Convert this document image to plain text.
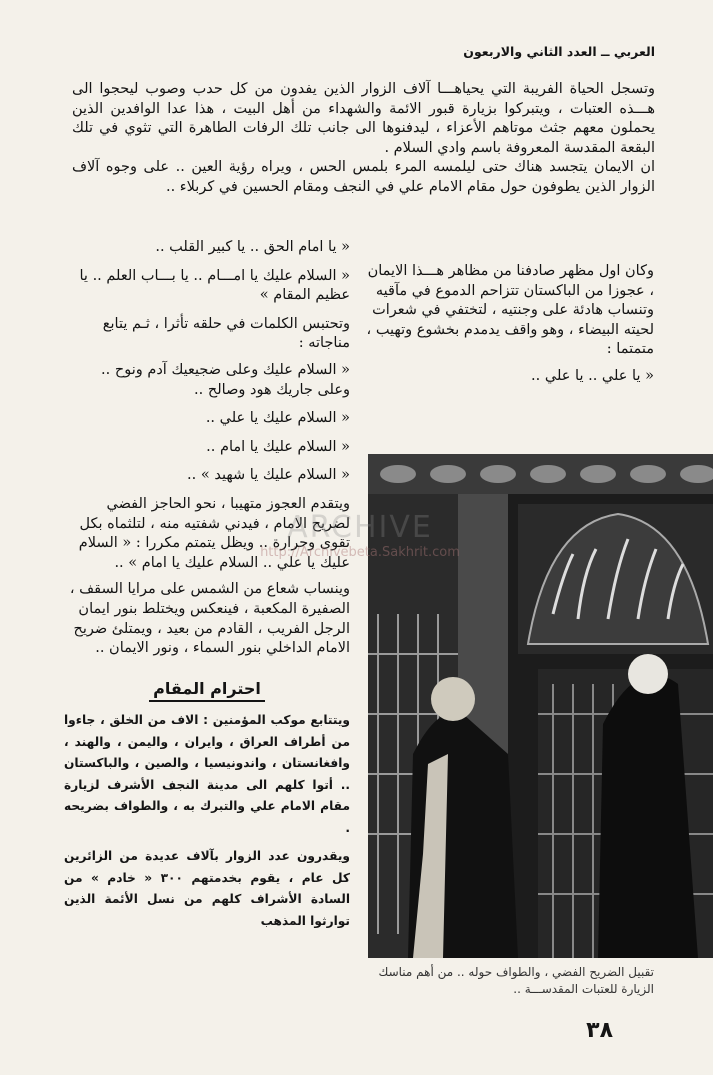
العربي ــ العدد الثاني والاربعون

وتسجل الحياة الفريبة التي يحياهـــا آلاف الزوار الذين يفدون من كل حدب وصوب ليحجوا الى هـــذه العتبات ، ويتبركوا بزيارة قبور الائمة والشهداء من أهل البيت ، هذا عدا الوافدين الذين يحملون معهم جثث موتاهم الأعزاء ، ليدفنوها الى جانب تلك الرفات الطاهرة التي تثوي في تلك البقعة المقدسة المعروفة باسم وادي السلام .

ان الايمان يتجسد هناك حتى ليلمسه المرء بلمس الحس ، ويراه رؤية العين .. على وجوه آلاف الزوار الذين يطوفون حول مقام الامام علي في النجف ومقام الحسين في كربلاء ..

وكان اول مظهر صادفنا من مظاهر هـــذا الايمان ، عجوزا من الباكستان تتزاحم الدموع في مآقيه وتنساب هادئة على وجنتيه ، لتختفي في شعرات لحيته البيضاء ، وهو واقف يدمدم بخشوع وتهيب ، متمتما :

« يا علي .. يا علي ..

« يا امام الحق .. يا كبير القلب ..

« السلام عليك يا امـــام .. يا بـــاب العلم .. يا عظيم المقام »

وتحتبس الكلمات في حلقه تأثرا ، ثـم يتابع مناجاته :

« السلام عليك وعلى ضجيعيك آدم ونوح .. وعلى جاريك هود وصالح ..

« السلام عليك يا علي ..

« السلام عليك يا امام ..

« السلام عليك يا شهيد » ..

ويتقدم العجوز متهيبا ، نحو الحاجز الفضي لضريح الامام ، فيدني شفتيه منه ، لتلثماه بكل تقوى وحرارة .. ويظل يتمتم مكررا : « السلام عليك يا علي .. السلام عليك يا امام » ..

وينساب شعاع من الشمس على مرايا السقف ، الصفيرة المكعبة ، فينعكس ويختلط بنور ايمان الرجل الفريب ، القادم من بعيد ، ويمتلئ ضريح الامام الداخلي بنور السماء ، ونور الايمان ..

احترام المقام

ويتتابع موكب المؤمنين : الاف من الخلق ، جاءوا من أطراف العراق ، وايران ، واليمن ، والهند ، وافغانستان ، واندونيسيا ، والصين ، والباكستان .. أتوا كلهم الى مدينة النجف الأشرف لزيارة مقام الامام علي والتبرك به ، والطواف بضريحه .

ويقدرون عدد الزوار بآلاف عديدة من الزائرين كل عام ، يقوم بخدمتهم ٣٠٠ « خادم » من السادة الأشراف كلهم من نسل الأئمة الذين توارثوا المذهب

تقبيل الضريح الفضي ، والطواف حوله .. من أهم مناسك الزيارة للعتبات المقدســـة ..
ARCHIVE
http://Archivebeta.Sakhrit.com
٣٨
